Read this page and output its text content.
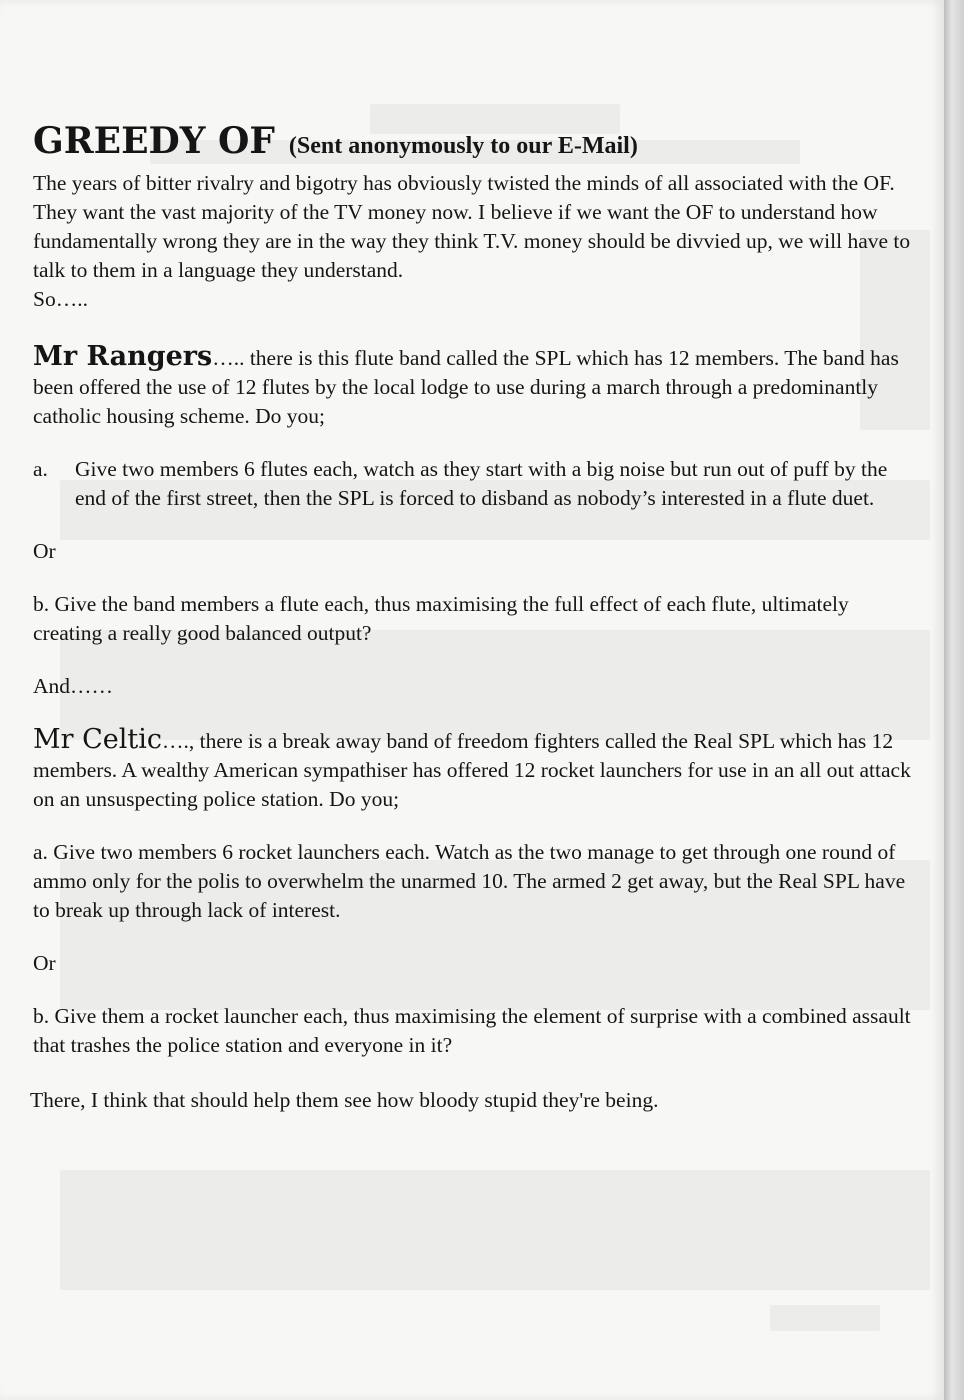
GREEDY OF (Sent anonymously to our E-Mail)

The years of bitter rivalry and bigotry has obviously twisted the minds of all associated with the OF.

They want the vast majority of the TV money now. I believe if we want the OF to understand how fundamentally wrong they are in the way they think T.V. money should be divvied up, we will have to talk to them in a language they understand.

So…..

Mr Rangers….. there is this flute band called the SPL which has 12 members. The band has been offered the use of 12 flutes by the local lodge to use during a march through a predominantly catholic housing scheme. Do you;

a.	Give two members 6 flutes each, watch as they start with a big noise but run out of puff by the end of the first street, then the SPL is forced to disband as nobody’s interested in a flute duet.

Or

b. Give the band members a flute each, thus maximising the full effect of each flute, ultimately creating a really good balanced output?

And……

Mr Celtic…., there is a break away band of freedom fighters called the Real SPL which has 12 members. A wealthy American sympathiser has offered 12 rocket launchers for use in an all out attack on an unsuspecting police station. Do you;

a. Give two members 6 rocket launchers each. Watch as the two manage to get through one round of ammo only for the polis to overwhelm the unarmed 10. The armed 2 get away, but the Real SPL have to break up through lack of interest.

Or

b. Give them a rocket launcher each, thus maximising the element of surprise with a combined assault that trashes the police station and everyone in it?

There, I think that should help them see how bloody stupid they're being.
